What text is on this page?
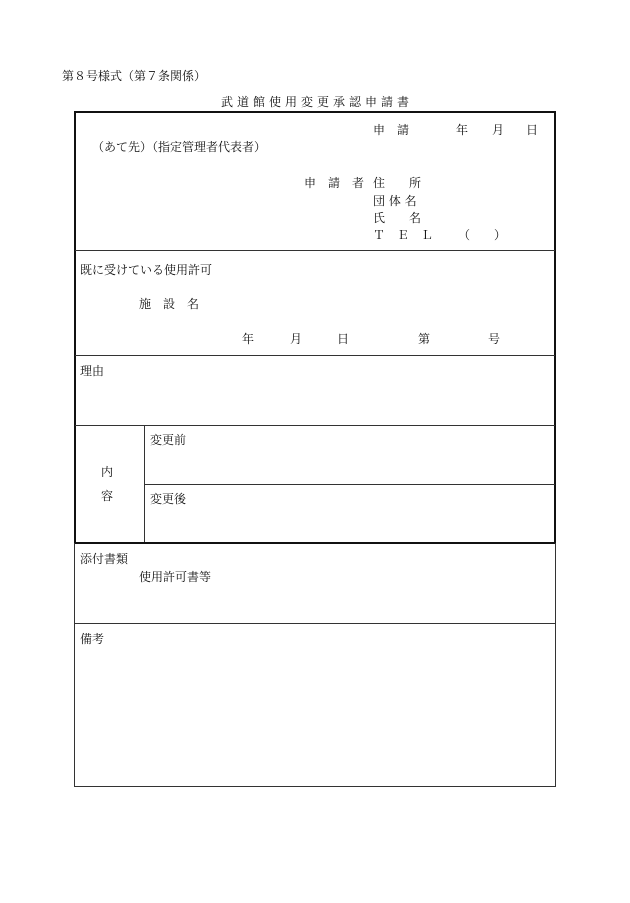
第８号様式（第７条関係）
武道館使用変更承認申請書
申　請	年 月 日
（あて先）（指定管理者代表者）
申　請　者 住　　所
団 体 名
氏　　名
Ｔ　Ｅ　Ｌ （　　）
既に受けている使用許可
施　設　名
年	月	日	第	号
理由
内
容
変更前
変更後
添付書類
使用許可書等
備考
